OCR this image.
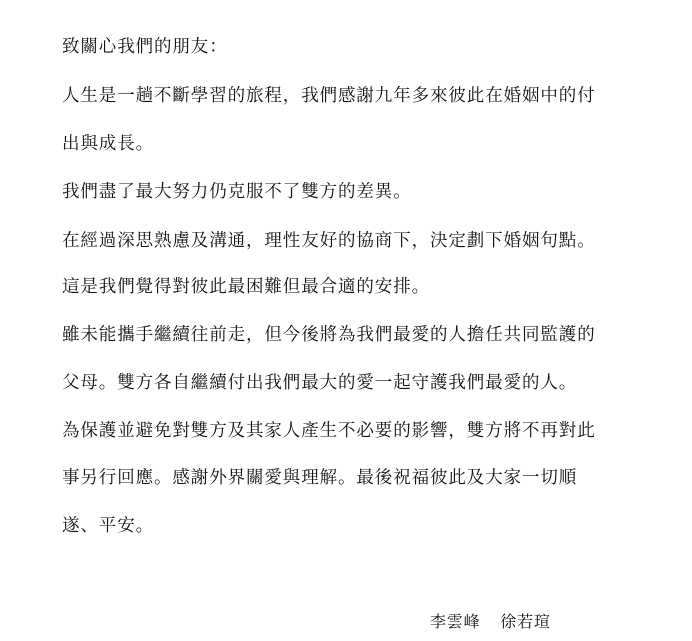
致關心我們的朋友：
人生是一趟不斷學習的旅程，我們感謝九年多來彼此在婚姻中的付
出與成長。
我們盡了最大努力仍克服不了雙方的差異。
在經過深思熟慮及溝通，理性友好的協商下，決定劃下婚姻句點。
這是我們覺得對彼此最困難但最合適的安排。
雖未能攜手繼續往前走，但今後將為我們最愛的人擔任共同監護的
父母。雙方各自繼續付出我們最大的愛一起守護我們最愛的人。
為保護並避免對雙方及其家人產生不必要的影響，雙方將不再對此
事另行回應。感謝外界關愛與理解。最後祝福彼此及大家一切順
遂、平安。
李雲峰 徐若瑄
